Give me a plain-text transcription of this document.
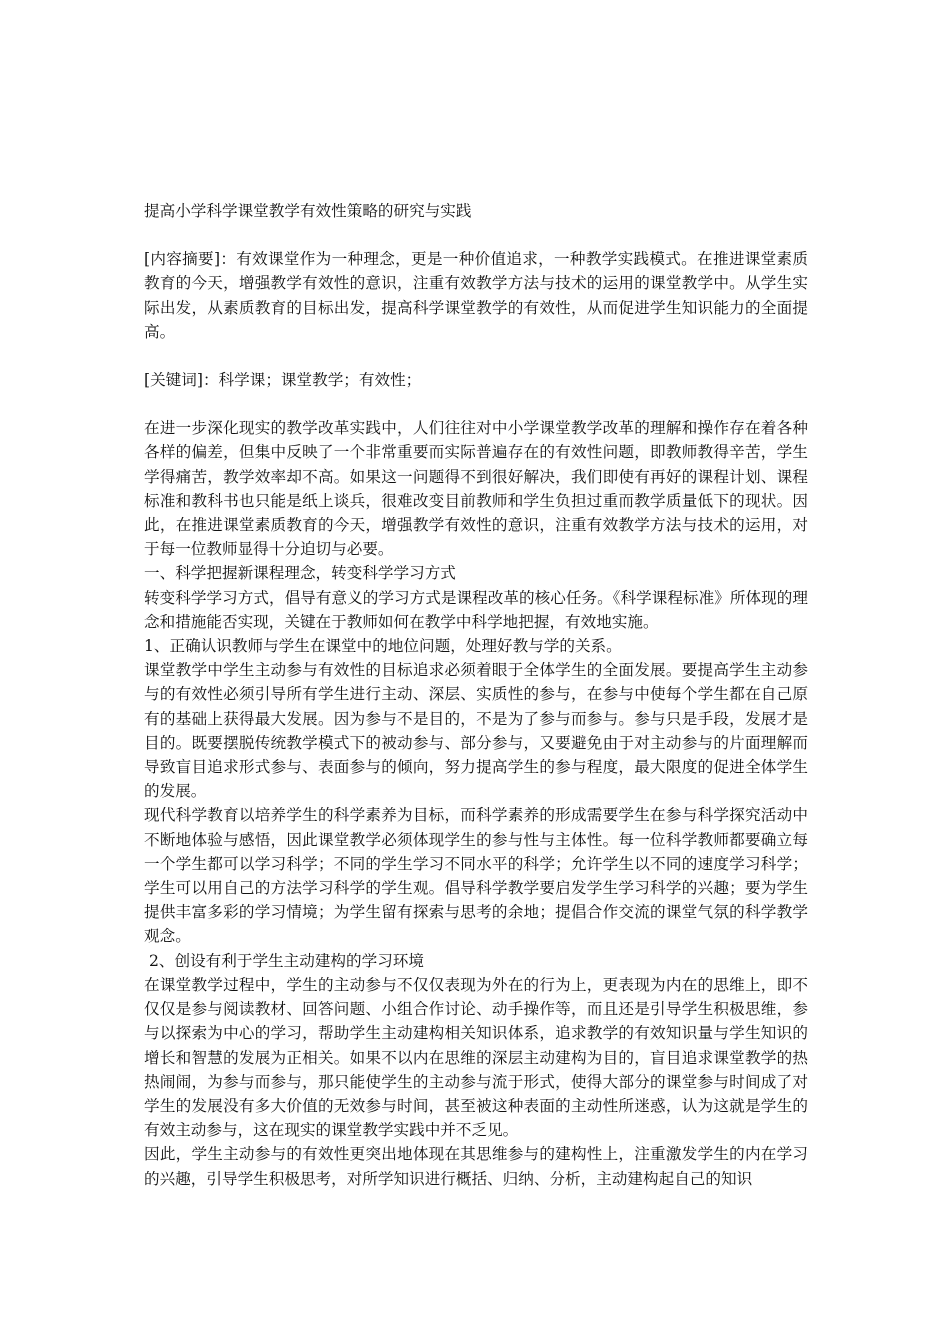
提高小学科学课堂教学有效性策略的研究与实践

[内容摘要]：有效课堂作为一种理念，更是一种价值追求，一种教学实践模式。在推进课堂素质教育的今天，增强教学有效性的意识，注重有效教学方法与技术的运用的课堂教学中。从学生实际出发，从素质教育的目标出发，提高科学课堂教学的有效性，从而促进学生知识能力的全面提高。

[关键词]：科学课；课堂教学；有效性；

在进一步深化现实的教学改革实践中，人们往往对中小学课堂教学改革的理解和操作存在着各种各样的偏差，但集中反映了一个非常重要而实际普遍存在的有效性问题，即教师教得辛苦，学生学得痛苦，教学效率却不高。如果这一问题得不到很好解决，我们即使有再好的课程计划、课程标准和教科书也只能是纸上谈兵，很难改变目前教师和学生负担过重而教学质量低下的现状。因此，在推进课堂素质教育的今天，增强教学有效性的意识，注重有效教学方法与技术的运用，对于每一位教师显得十分迫切与必要。

一、科学把握新课程理念，转变科学学习方式

转变科学学习方式，倡导有意义的学习方式是课程改革的核心任务。《科学课程标准》所体现的理念和措施能否实现，关键在于教师如何在教学中科学地把握，有效地实施。

1、正确认识教师与学生在课堂中的地位问题，处理好教与学的关系。

课堂教学中学生主动参与有效性的目标追求必须着眼于全体学生的全面发展。要提高学生主动参与的有效性必须引导所有学生进行主动、深层、实质性的参与，在参与中使每个学生都在自己原有的基础上获得最大发展。因为参与不是目的，不是为了参与而参与。参与只是手段，发展才是目的。既要摆脱传统教学模式下的被动参与、部分参与，又要避免由于对主动参与的片面理解而导致盲目追求形式参与、表面参与的倾向，努力提高学生的参与程度，最大限度的促进全体学生的发展。

现代科学教育以培养学生的科学素养为目标，而科学素养的形成需要学生在参与科学探究活动中不断地体验与感悟，因此课堂教学必须体现学生的参与性与主体性。每一位科学教师都要确立每一个学生都可以学习科学；不同的学生学习不同水平的科学；允许学生以不同的速度学习科学；学生可以用自己的方法学习科学的学生观。倡导科学教学要启发学生学习科学的兴趣；要为学生提供丰富多彩的学习情境；为学生留有探索与思考的余地；提倡合作交流的课堂气氛的科学教学观念。

2、创设有利于学生主动建构的学习环境

在课堂教学过程中，学生的主动参与不仅仅表现为外在的行为上，更表现为内在的思维上，即不仅仅是参与阅读教材、回答问题、小组合作讨论、动手操作等，而且还是引导学生积极思维，参与以探索为中心的学习，帮助学生主动建构相关知识体系，追求教学的有效知识量与学生知识的增长和智慧的发展为正相关。如果不以内在思维的深层主动建构为目的，盲目追求课堂教学的热热闹闹，为参与而参与，那只能使学生的主动参与流于形式，使得大部分的课堂参与时间成了对学生的发展没有多大价值的无效参与时间，甚至被这种表面的主动性所迷惑，认为这就是学生的有效主动参与，这在现实的课堂教学实践中并不乏见。

因此，学生主动参与的有效性更突出地体现在其思维参与的建构性上，注重激发学生的内在学习的兴趣，引导学生积极思考，对所学知识进行概括、归纳、分析，主动建构起自己的知识
